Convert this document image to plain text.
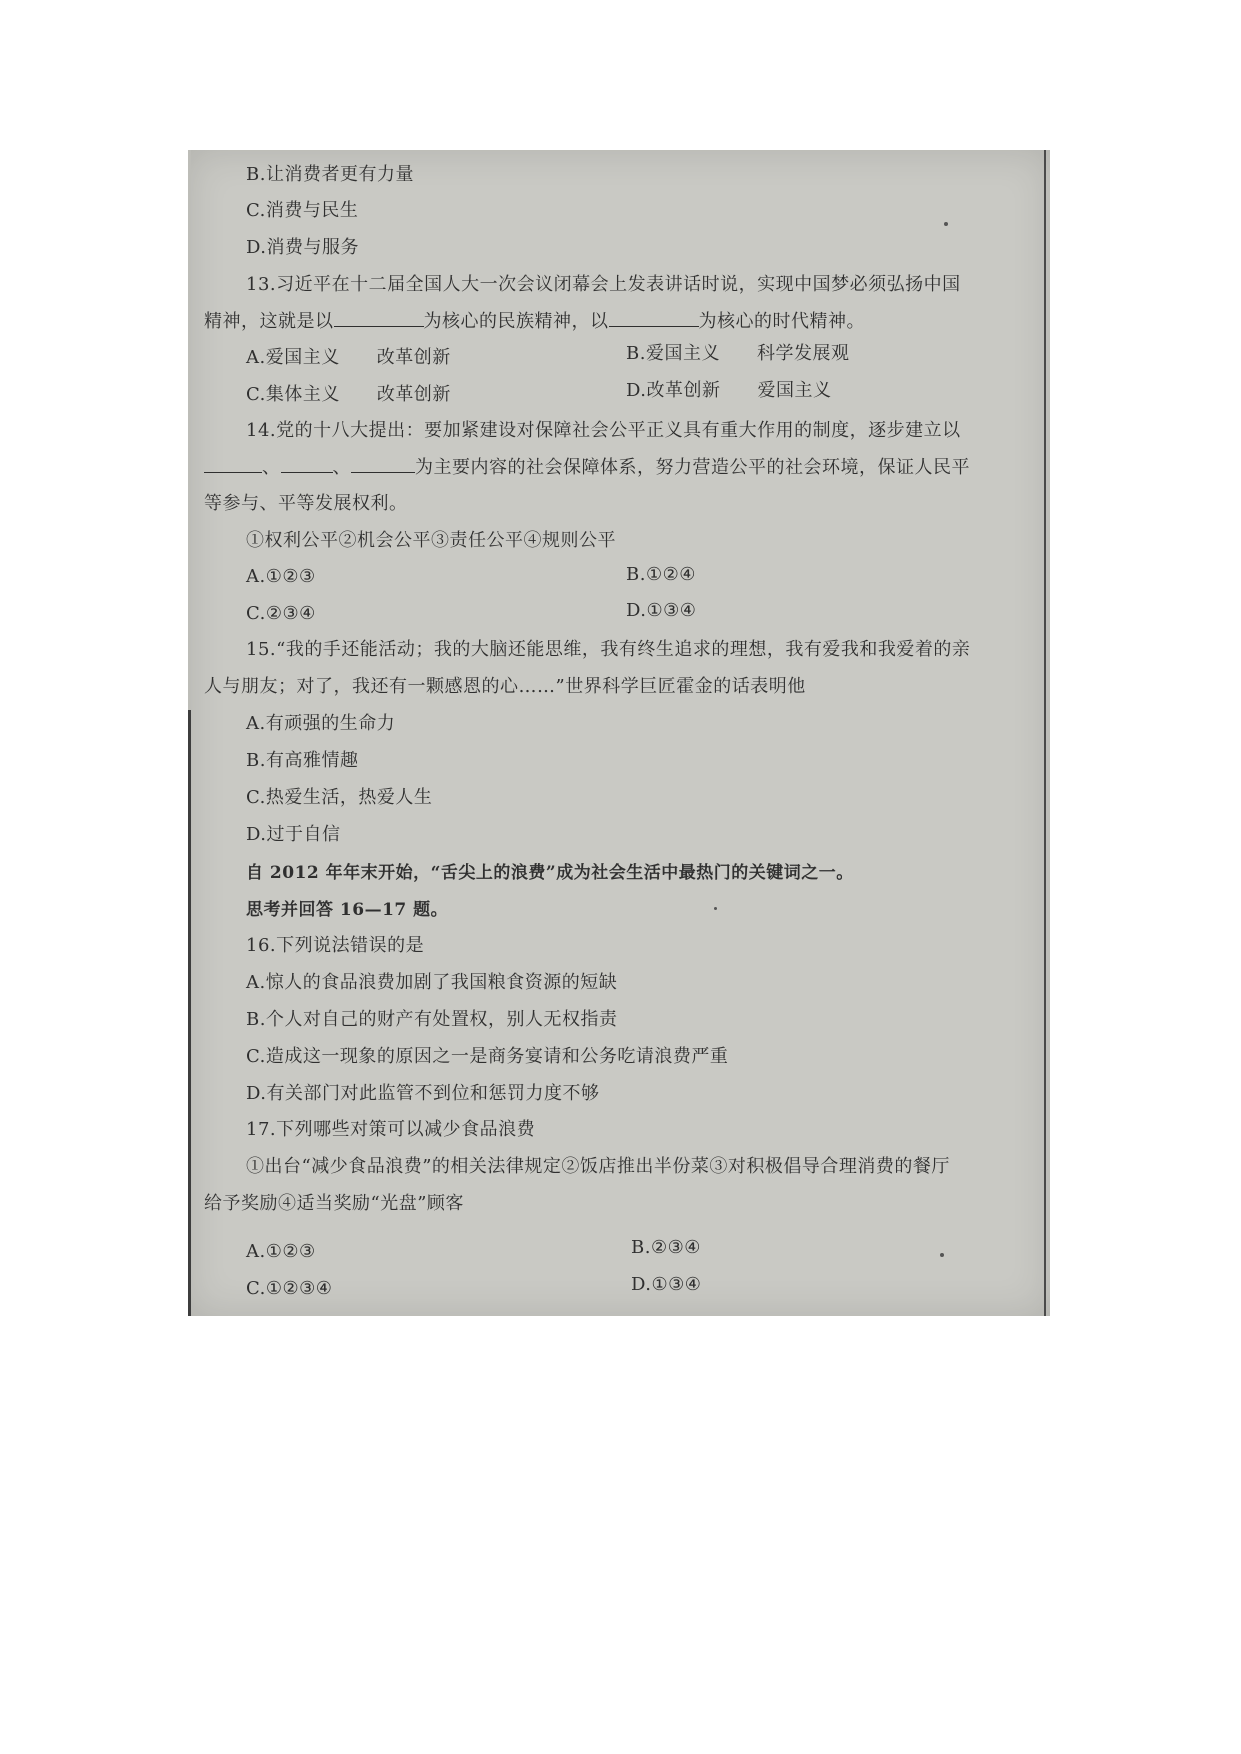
B.让消费者更有力量
C.消费与民生
D.消费与服务
13.习近平在十二届全国人大一次会议闭幕会上发表讲话时说，实现中国梦必须弘扬中国
精神，这就是以	为核心的民族精神，以	为核心的时代精神。
A.爱国主义　　改革创新	B.爱国主义　　科学发展观
C.集体主义　　改革创新	D.改革创新　　爱国主义
14.党的十八大提出：要加紧建设对保障社会公平正义具有重大作用的制度，逐步建立以
、	、	为主要内容的社会保障体系，努力营造公平的社会环境，保证人民平
等参与、平等发展权利。
①权利公平②机会公平③责任公平④规则公平
A.①②③	B.①②④
C.②③④	D.①③④
15.“我的手还能活动；我的大脑还能思维，我有终生追求的理想，我有爱我和我爱着的亲
人与朋友；对了，我还有一颗感恩的心……”世界科学巨匠霍金的话表明他
A.有顽强的生命力
B.有高雅情趣
C.热爱生活，热爱人生
D.过于自信
自 2012 年年末开始，“舌尖上的浪费”成为社会生活中最热门的关键词之一。
思考并回答 16—17 题。
16.下列说法错误的是
A.惊人的食品浪费加剧了我国粮食资源的短缺
B.个人对自己的财产有处置权，别人无权指责
C.造成这一现象的原因之一是商务宴请和公务吃请浪费严重
D.有关部门对此监管不到位和惩罚力度不够
17.下列哪些对策可以减少食品浪费
①出台“减少食品浪费”的相关法律规定②饭店推出半份菜③对积极倡导合理消费的餐厅
给予奖励④适当奖励“光盘”顾客
A.①②③	B.②③④
C.①②③④	D.①③④
